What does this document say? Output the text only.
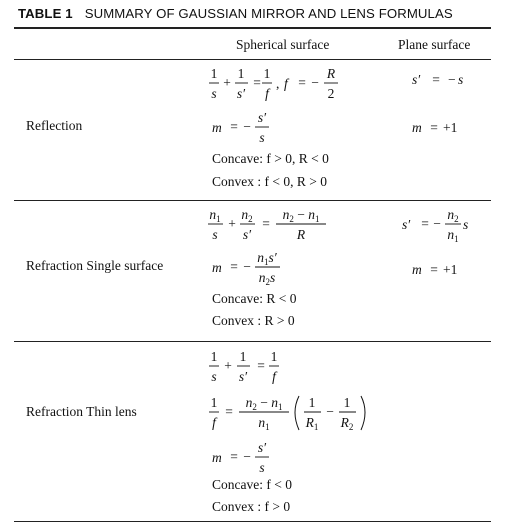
TABLE 1 SUMMARY OF GAUSSIAN MIRROR AND LENS FORMULAS
Spherical surface	Plane surface
Reflection
1
s
+
1
s′
=
1
f
, f = −
R
2
m = −
s′
s
Concave: f > 0, R < 0
Convex : f < 0, R > 0
s′ = − s
m = +1
Refraction Single surface
$n_1$
s
+
$n_2$
s′
=
$n_2 - n_1$
R
m = −
$n_1s'$
$n_2s$
Concave: R < 0
Convex : R > 0
s′ = −
$n_2$
$n_1$
s
m = +1
Refraction Thin lens
1
s
+
1
s′
=
1
f
1
f
=
$n_2 - n_1$
$n_1$
1
$R_1$
−
1
$R_2$
m = −
s′
s
Concave: f < 0
Convex : f > 0
